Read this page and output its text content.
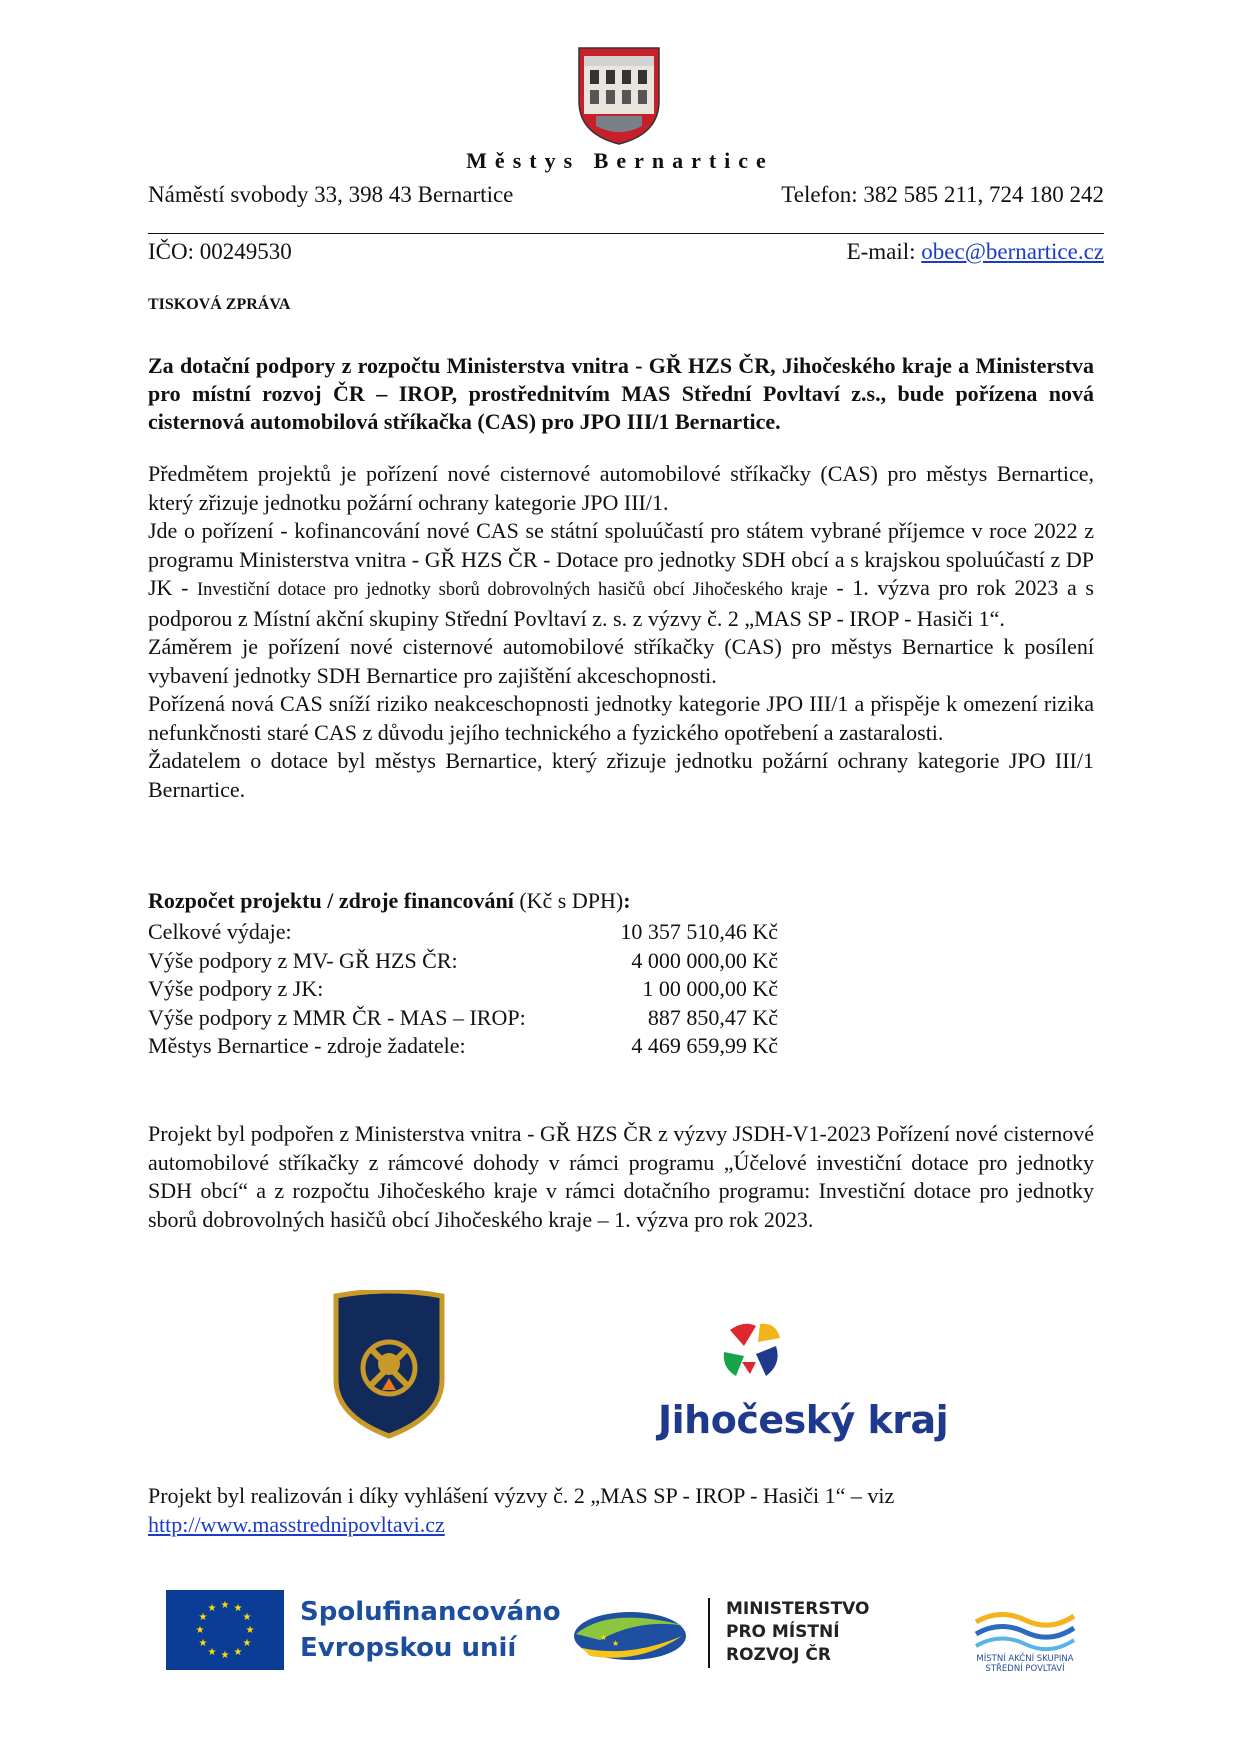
Městys Bernartice
Náměstí svobody 33, 398 43 Bernartice	Telefon: 382 585 211, 724 180 242
IČO: 00249530	E-mail: obec@bernartice.cz
TISKOVÁ ZPRÁVA
Za dotační podpory z rozpočtu Ministerstva vnitra - GŘ HZS ČR, Jihočeského kraje a Ministerstva pro místní rozvoj ČR – IROP, prostřednitvím MAS Střední Povltaví z.s., bude pořízena nová cisternová automobilová stříkačka (CAS) pro JPO III/1 Bernartice.

Předmětem projektů je pořízení nové cisternové automobilové stříkačky (CAS) pro městys Bernartice, který zřizuje jednotku požární ochrany kategorie JPO III/1.

Jde o pořízení - kofinancování nové CAS se státní spoluúčastí pro státem vybrané příjemce v roce 2022 z programu Ministerstva vnitra - GŘ HZS ČR - Dotace pro jednotky SDH obcí a s krajskou spoluúčastí z DP JK - Investiční dotace pro jednotky sborů dobrovolných hasičů obcí Jihočeského kraje - 1. výzva pro rok 2023 a s podporou z Místní akční skupiny Střední Povltaví z. s. z výzvy č. 2 „MAS SP - IROP - Hasiči 1“.

Záměrem je pořízení nové cisternové automobilové stříkačky (CAS) pro městys Bernartice k posílení vybavení jednotky SDH Bernartice pro zajištění akceschopnosti.

Pořízená nová CAS sníží riziko neakceschopnosti jednotky kategorie JPO III/1 a přispěje k omezení rizika nefunkčnosti staré CAS z důvodu jejího technického a fyzického opotřebení a zastaralosti.

Žadatelem o dotace byl městys Bernartice, který zřizuje jednotku požární ochrany kategorie JPO III/1 Bernartice.

Rozpočet projektu / zdroje financování (Kč s DPH):
Celkové výdaje:	10 357 510,46 Kč
Výše podpory z MV- GŘ HZS ČR:	4 000 000,00 Kč
Výše podpory z JK:	1 00 000,00 Kč
Výše podpory z MMR ČR - MAS – IROP:	887 850,47 Kč
Městys Bernartice - zdroje žadatele:	4 469 659,99 Kč
Projekt byl podpořen z Ministerstva vnitra - GŘ HZS ČR z výzvy JSDH-V1-2023 Pořízení nové cisternové automobilové stříkačky z rámcové dohody v rámci programu „Účelové investiční dotace pro jednotky SDH obcí“ a z rozpočtu Jihočeského kraje v rámci dotačního programu: Investiční dotace pro jednotky sborů dobrovolných hasičů obcí Jihočeského kraje – 1. výzva pro rok 2023.
Jihočeský kraj
Projekt byl realizován i díky vyhlášení výzvy č. 2 „MAS SP - IROP - Hasiči 1“ – viz
http://www.masstrednipovltavi.cz
★ ★
★
★
★
★
★
★
★
★
★
★	Spolufinancováno
Evropskou unií	★
★
MINISTERSTVO
PRO MÍSTNÍ
ROZVOJ ČR	MÍSTNÍ AKČNÍ SKUPINA
STŘEDNÍ POVLTAVÍ
